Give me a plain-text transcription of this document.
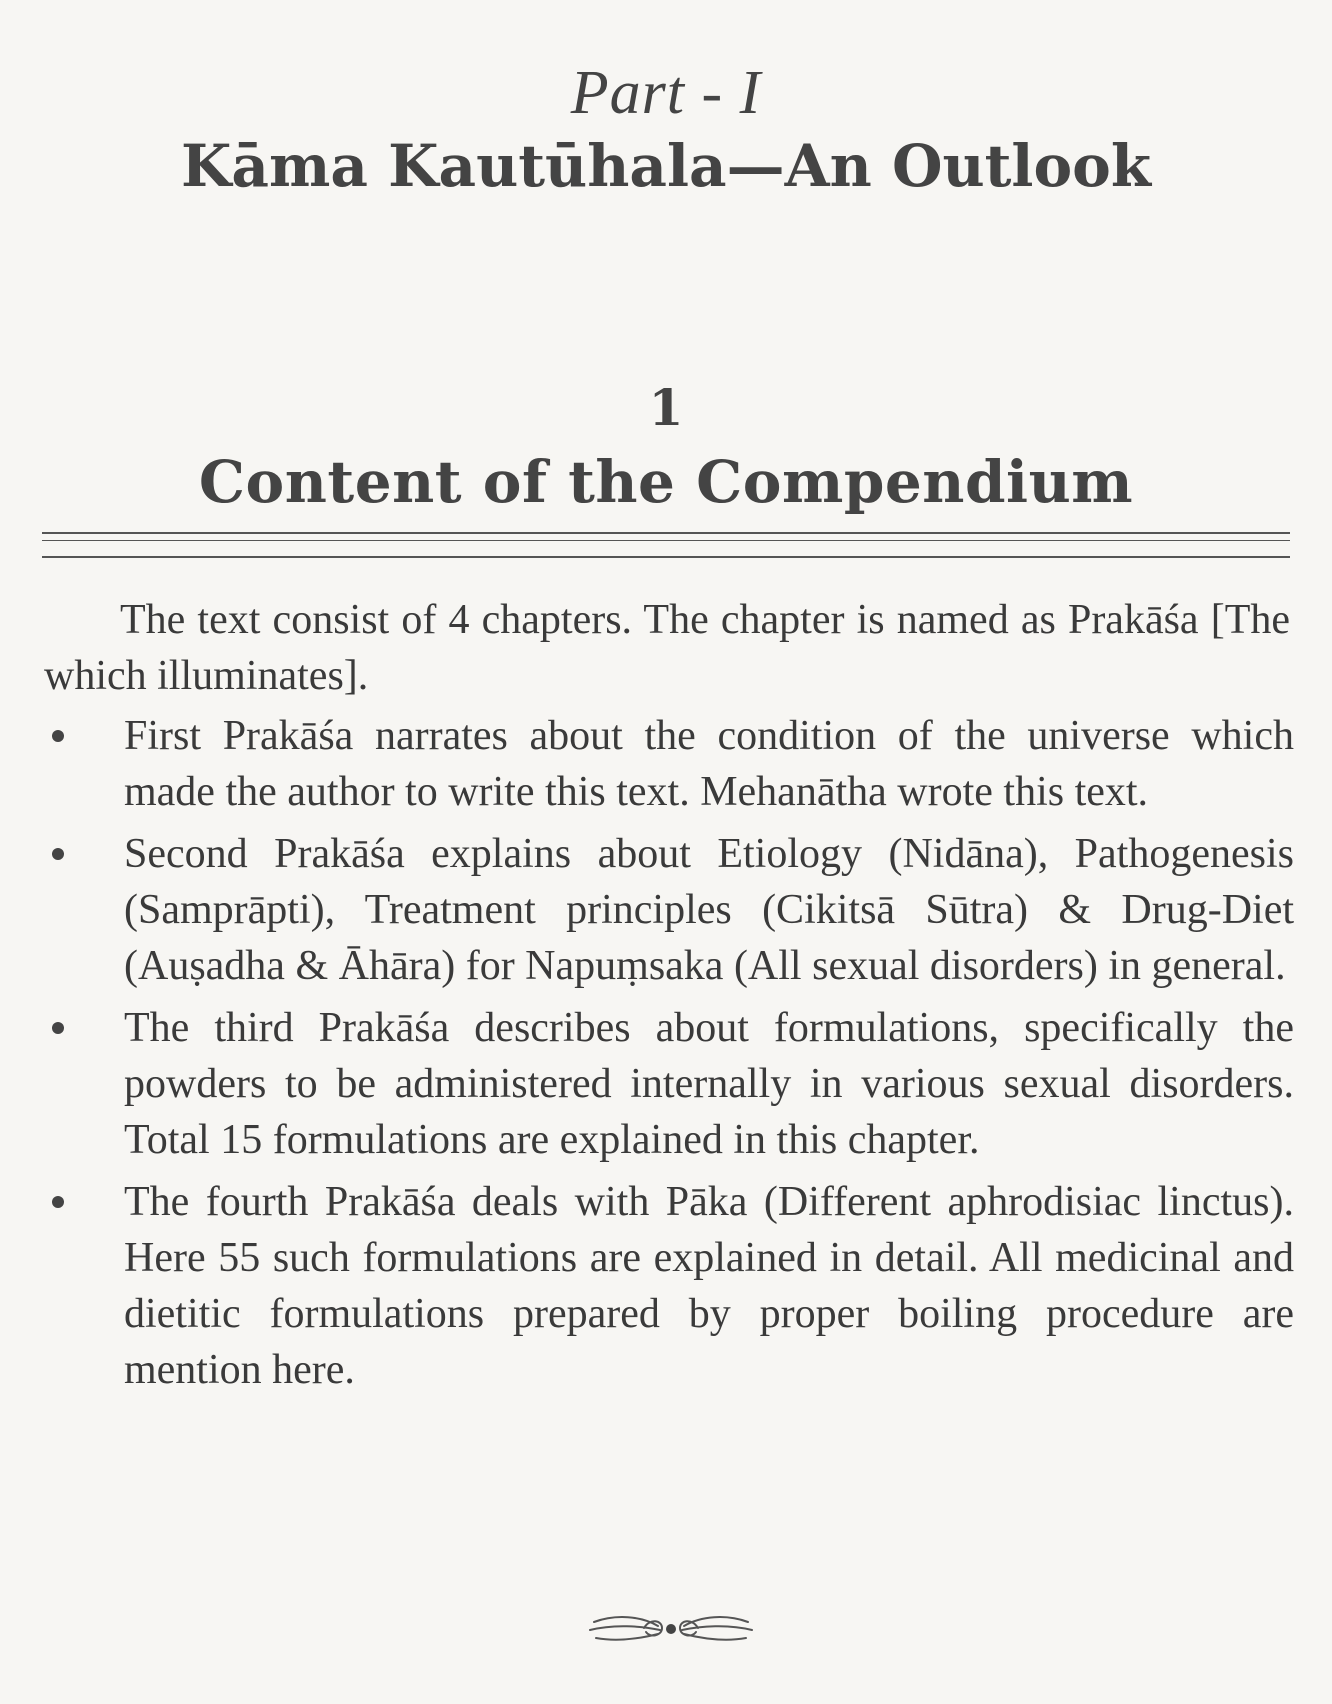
Part - I
Kāma Kautūhala—An Outlook
1
Content of the Compendium

The text consist of 4 chapters. The chapter is named as Prakāśa [The which illuminates].

First Prakāśa narrates about the condition of the universe which made the author to write this text. Mehanātha wrote this text.
Second Prakāśa explains about Etiology (Nidāna), Pathogenesis (Samprāpti), Treatment principles (Cikitsā Sūtra) & Drug-Diet (Auṣadha & Āhāra) for Napuṃsaka (All sexual disorders) in general.
The third Prakāśa describes about formulations, specifically the powders to be administered internally in various sexual disorders. Total 15 formulations are explained in this chapter.
The fourth Prakāśa deals with Pāka (Different aphrodisiac linctus). Here 55 such formulations are explained in detail. All medicinal and dietitic formulations prepared by proper boiling procedure are mention here.
